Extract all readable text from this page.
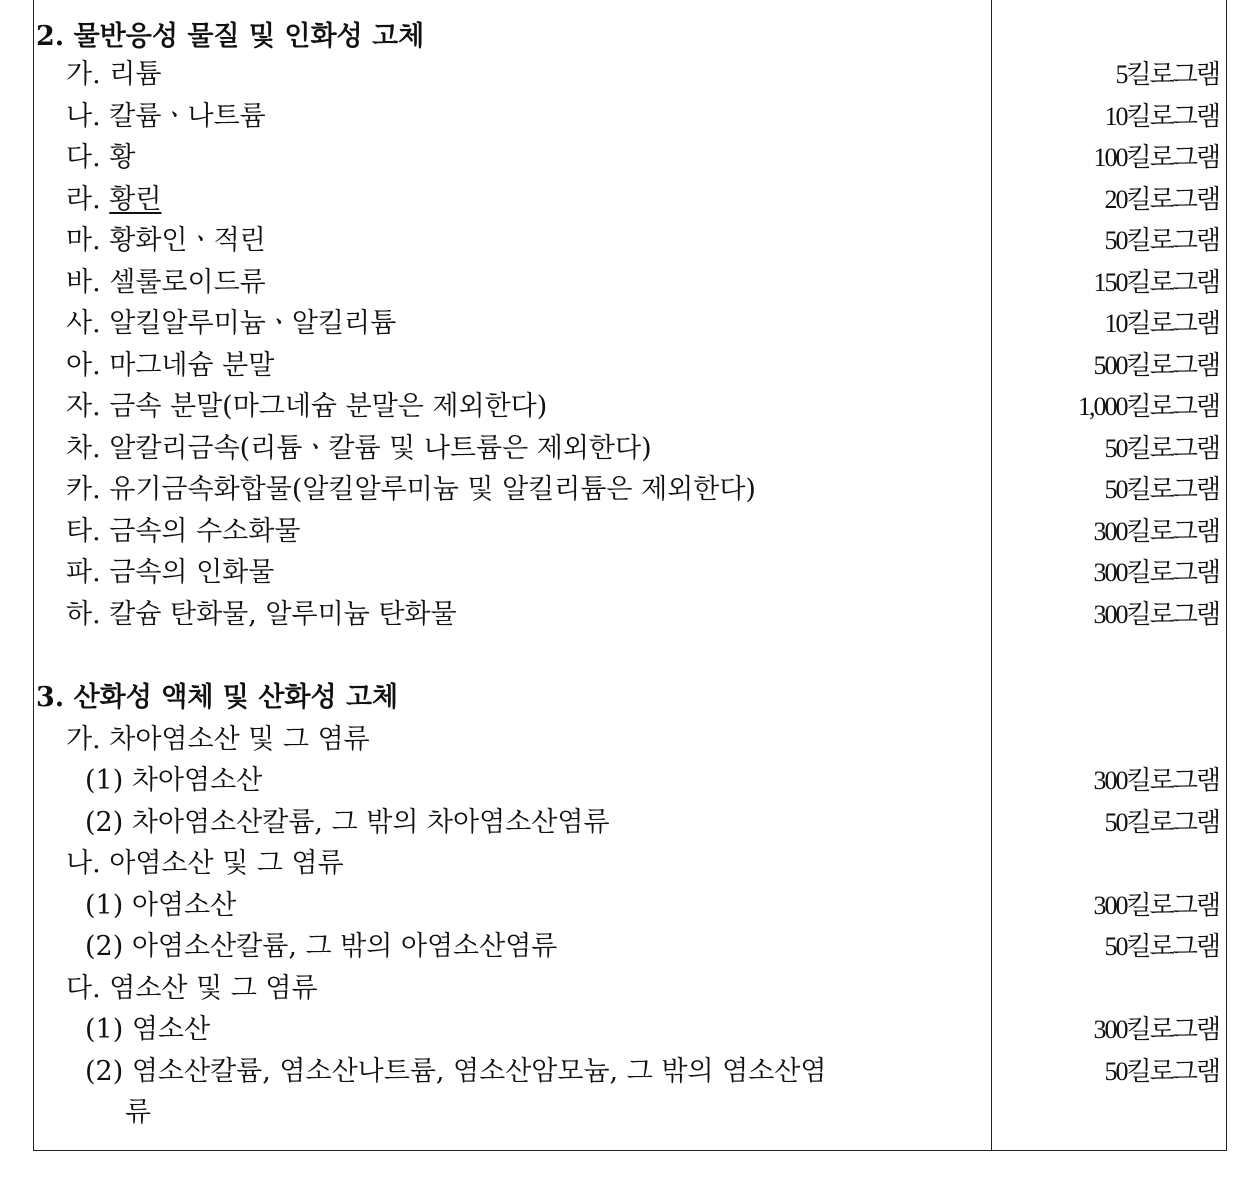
2. 물반응성 물질 및 인화성 고체
가. 리튬	5킬로그램
나. 칼륨ㆍ나트륨	10킬로그램
다. 황	100킬로그램
라. 황린	20킬로그램
마. 황화인ㆍ적린	50킬로그램
바. 셀룰로이드류	150킬로그램
사. 알킬알루미늄ㆍ알킬리튬	10킬로그램
아. 마그네슘 분말	500킬로그램
자. 금속 분말(마그네슘 분말은 제외한다)	1,000킬로그램
차. 알칼리금속(리튬ㆍ칼륨 및 나트륨은 제외한다)	50킬로그램
카. 유기금속화합물(알킬알루미늄 및 알킬리튬은 제외한다)	50킬로그램
타. 금속의 수소화물	300킬로그램
파. 금속의 인화물	300킬로그램
하. 칼슘 탄화물, 알루미늄 탄화물	300킬로그램
3. 산화성 액체 및 산화성 고체
가. 차아염소산 및 그 염류
(1) 차아염소산	300킬로그램
(2) 차아염소산칼륨, 그 밖의 차아염소산염류	50킬로그램
나. 아염소산 및 그 염류
(1) 아염소산	300킬로그램
(2) 아염소산칼륨, 그 밖의 아염소산염류	50킬로그램
다. 염소산 및 그 염류
(1) 염소산	300킬로그램
(2) 염소산칼륨, 염소산나트륨, 염소산암모늄, 그 밖의 염소산염	50킬로그램
류
